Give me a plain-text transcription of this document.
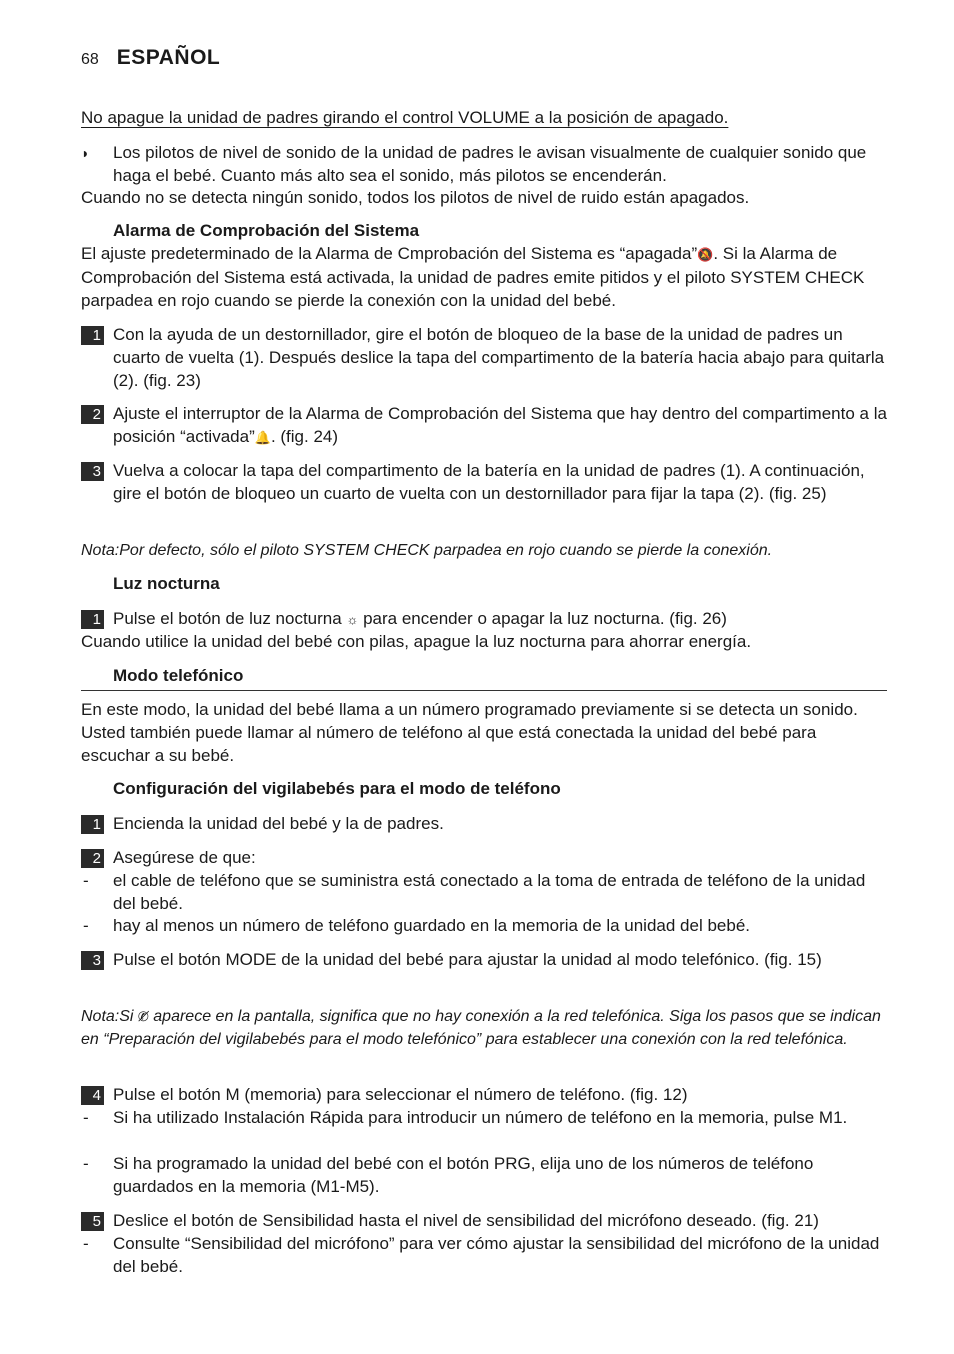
68 ESPAÑOL
No apague la unidad de padres girando el control VOLUME a la posición de apagado.
◗ Los pilotos de nivel de sonido de la unidad de padres le avisan visualmente de cualquier sonido que haga el bebé. Cuanto más alto sea el sonido, más pilotos se encenderán.
Cuando no se detecta ningún sonido, todos los pilotos de nivel de ruido están apagados.
Alarma de Comprobación del Sistema
El ajuste predeterminado de la Alarma de Cmprobación del Sistema es “apagada”🔕. Si la Alarma de Comprobación del Sistema está activada, la unidad de padres emite pitidos y el piloto SYSTEM CHECK parpadea en rojo cuando se pierde la conexión con la unidad del bebé.
1 Con la ayuda de un destornillador, gire el botón de bloqueo de la base de la unidad de padres un cuarto de vuelta (1). Después deslice la tapa del compartimento de la batería hacia abajo para quitarla (2). (fig. 23)
2 Ajuste el interruptor de la Alarma de Comprobación del Sistema que hay dentro del compartimento a la posición “activada”🔔. (fig. 24)
3 Vuelva a colocar la tapa del compartimento de la batería en la unidad de padres (1). A continuación, gire el botón de bloqueo un cuarto de vuelta con un destornillador para fijar la tapa (2). (fig. 25)
Nota:Por defecto, sólo el piloto SYSTEM CHECK parpadea en rojo cuando se pierde la conexión.
Luz nocturna
1 Pulse el botón de luz nocturna ☼ para encender o apagar la luz nocturna. (fig. 26)
Cuando utilice la unidad del bebé con pilas, apague la luz nocturna para ahorrar energía.
Modo telefónico
En este modo, la unidad del bebé llama a un número programado previamente si se detecta un sonido. Usted también puede llamar al número de teléfono al que está conectada la unidad del bebé para escuchar a su bebé.
Configuración del vigilabebés para el modo de teléfono
1 Encienda la unidad del bebé y la de padres.
2 Asegúrese de que:
- el cable de teléfono que se suministra está conectado a la toma de entrada de teléfono de la unidad del bebé.
- hay al menos un número de teléfono guardado en la memoria de la unidad del bebé.
3 Pulse el botón MODE de la unidad del bebé para ajustar la unidad al modo telefónico. (fig. 15)
Nota:Si ✆̸ aparece en la pantalla, significa que no hay conexión a la red telefónica. Siga los pasos que se indican en “Preparación del vigilabebés para el modo telefónico” para establecer una conexión con la red telefónica.
4 Pulse el botón M (memoria) para seleccionar el número de teléfono. (fig. 12)
- Si ha utilizado Instalación Rápida para introducir un número de teléfono en la memoria, pulse M1.
- Si ha programado la unidad del bebé con el botón PRG, elija uno de los números de teléfono guardados en la memoria (M1-M5).
5 Deslice el botón de Sensibilidad hasta el nivel de sensibilidad del micrófono deseado. (fig. 21)
- Consulte “Sensibilidad del micrófono” para ver cómo ajustar la sensibilidad del micrófono de la unidad del bebé.
